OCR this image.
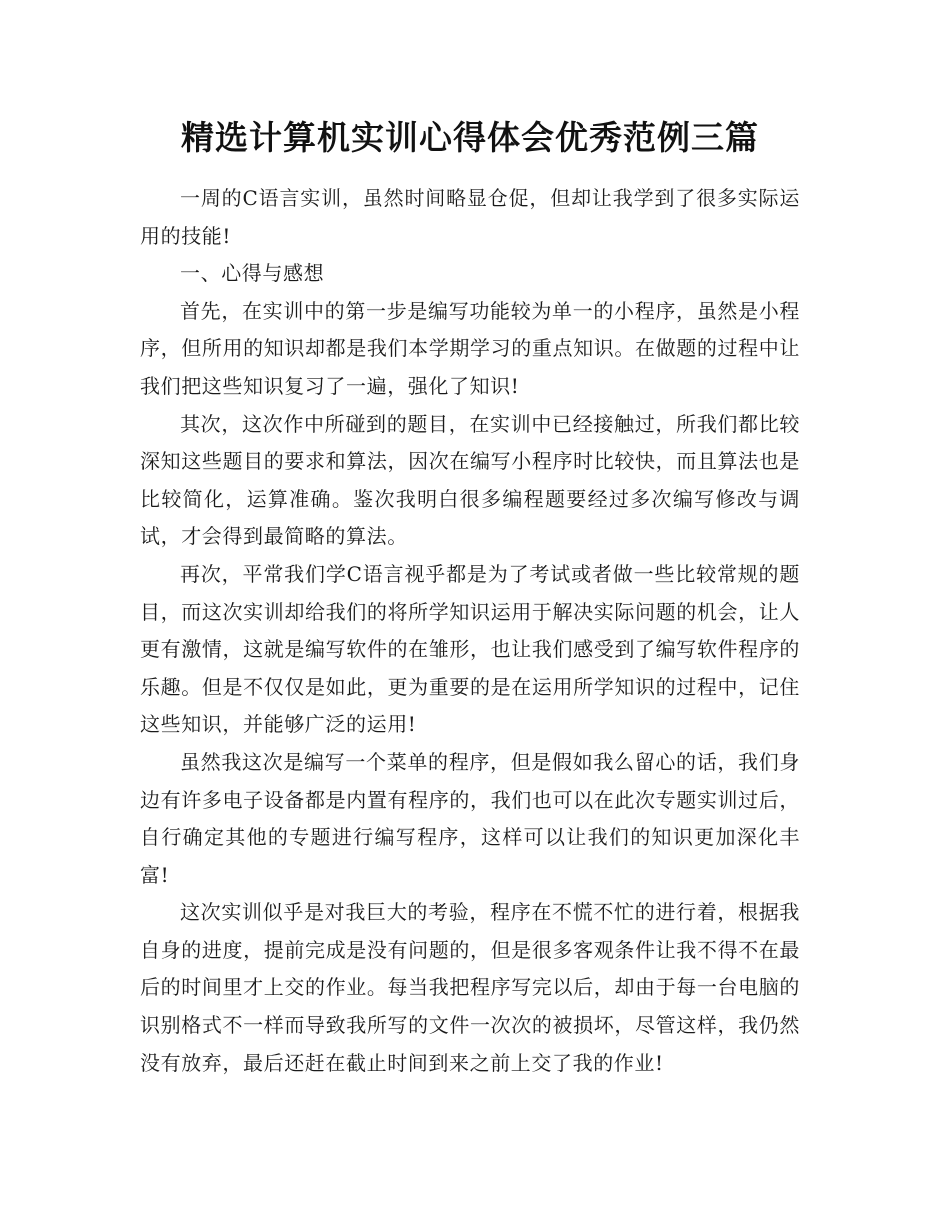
精选计算机实训心得体会优秀范例三篇

一周的C语言实训，虽然时间略显仓促，但却让我学到了很多实际运用的技能!

一、心得与感想

首先，在实训中的第一步是编写功能较为单一的小程序，虽然是小程序，但所用的知识却都是我们本学期学习的重点知识。在做题的过程中让我们把这些知识复习了一遍，强化了知识!

其次，这次作中所碰到的题目，在实训中已经接触过，所我们都比较深知这些题目的要求和算法，因次在编写小程序时比较快，而且算法也是比较简化，运算准确。鉴次我明白很多编程题要经过多次编写修改与调试，才会得到最简略的算法。

再次，平常我们学C语言视乎都是为了考试或者做一些比较常规的题目，而这次实训却给我们的将所学知识运用于解决实际问题的机会，让人更有激情，这就是编写软件的在雏形，也让我们感受到了编写软件程序的乐趣。但是不仅仅是如此，更为重要的是在运用所学知识的过程中，记住这些知识，并能够广泛的运用!

虽然我这次是编写一个菜单的程序，但是假如我么留心的话，我们身边有许多电子设备都是内置有程序的，我们也可以在此次专题实训过后，自行确定其他的专题进行编写程序，这样可以让我们的知识更加深化丰富!

这次实训似乎是对我巨大的考验，程序在不慌不忙的进行着，根据我自身的进度，提前完成是没有问题的，但是很多客观条件让我不得不在最后的时间里才上交的作业。每当我把程序写完以后，却由于每一台电脑的识别格式不一样而导致我所写的文件一次次的被损坏，尽管这样，我仍然没有放弃，最后还赶在截止时间到来之前上交了我的作业!
